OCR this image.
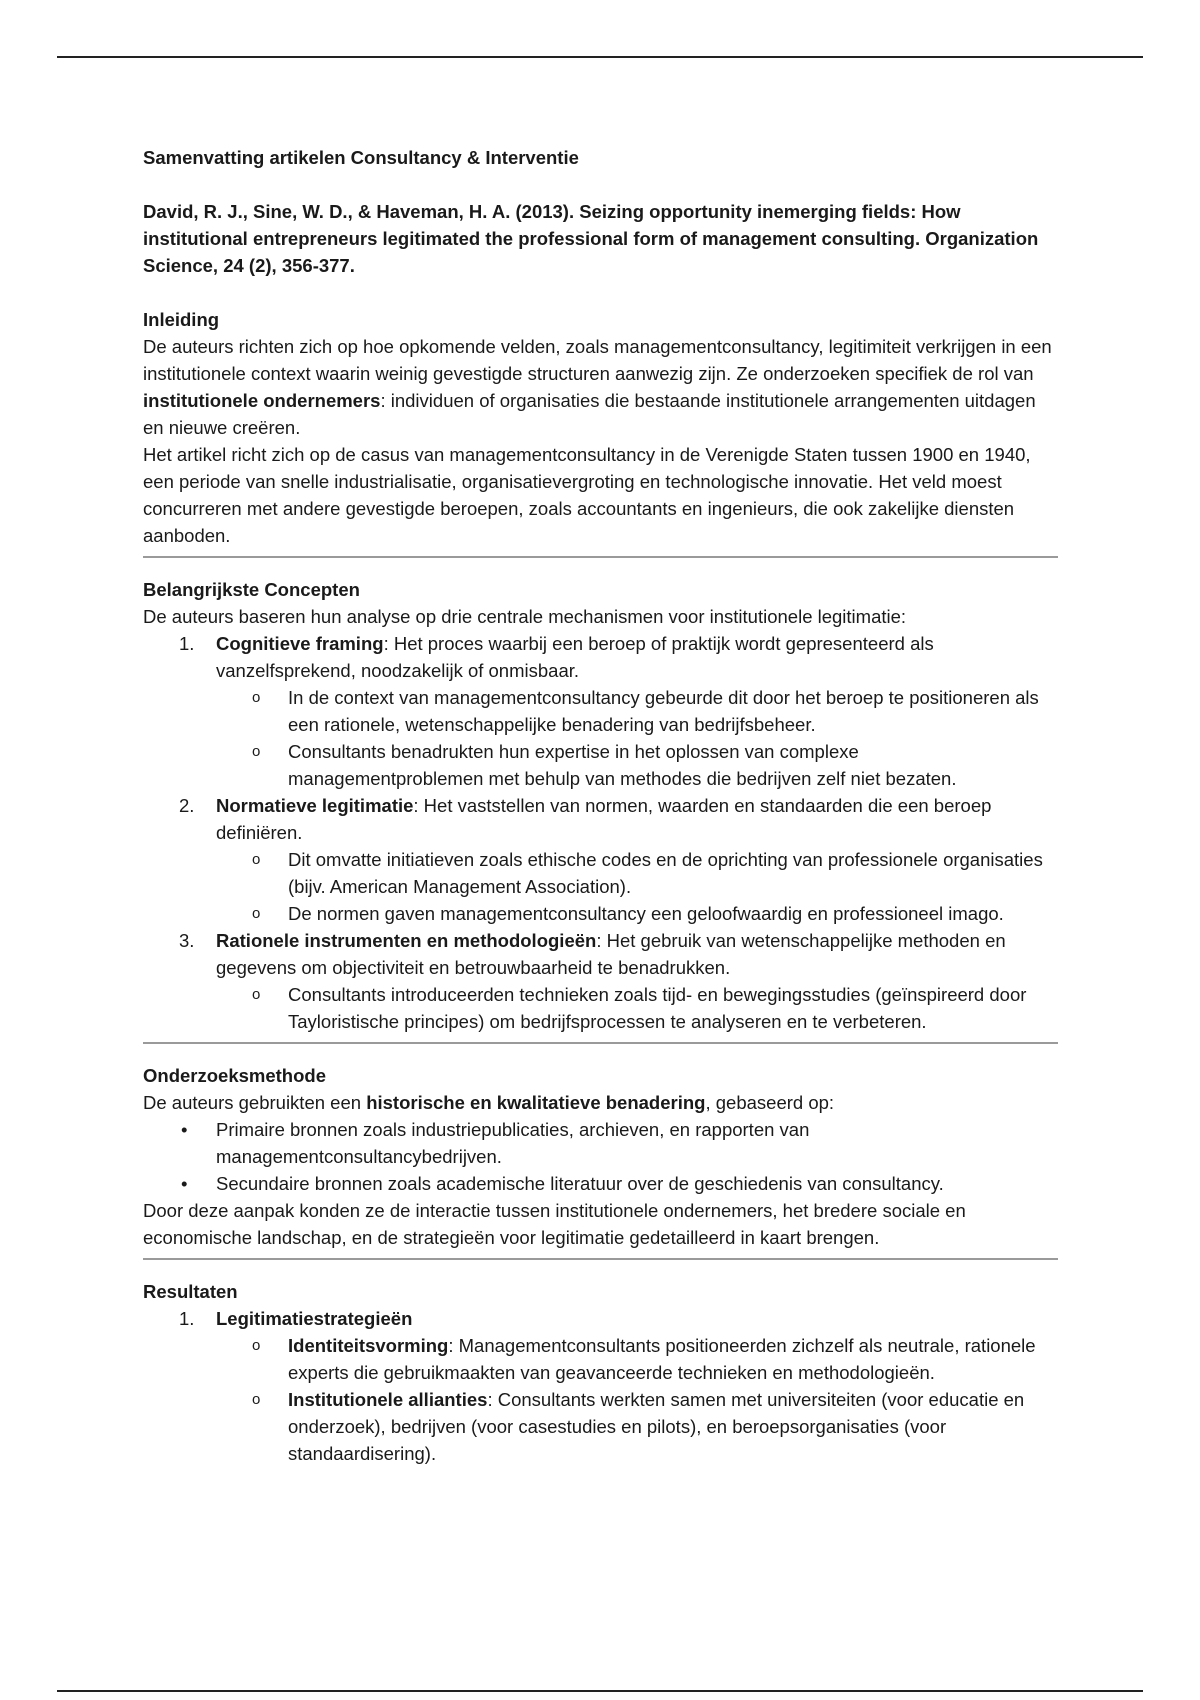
Samenvatting artikelen Consultancy & Interventie

David, R. J., Sine, W. D., & Haveman, H. A. (2013). Seizing opportunity inemerging fields: How institutional entrepreneurs legitimated the professional form of management consulting. Organization Science, 24 (2), 356-377.

Inleiding

De auteurs richten zich op hoe opkomende velden, zoals managementconsultancy, legitimiteit verkrijgen in een institutionele context waarin weinig gevestigde structuren aanwezig zijn. Ze onderzoeken specifiek de rol van institutionele ondernemers: individuen of organisaties die bestaande institutionele arrangementen uitdagen en nieuwe creëren.

Het artikel richt zich op de casus van managementconsultancy in de Verenigde Staten tussen 1900 en 1940, een periode van snelle industrialisatie, organisatievergroting en technologische innovatie. Het veld moest concurreren met andere gevestigde beroepen, zoals accountants en ingenieurs, die ook zakelijke diensten aanboden.

Belangrijkste Concepten

De auteurs baseren hun analyse op drie centrale mechanismen voor institutionele legitimatie:

1. Cognitieve framing: Het proces waarbij een beroep of praktijk wordt gepresenteerd als vanzelfsprekend, noodzakelijk of onmisbaar.
o In de context van managementconsultancy gebeurde dit door het beroep te positioneren als een rationele, wetenschappelijke benadering van bedrijfsbeheer.
o Consultants benadrukten hun expertise in het oplossen van complexe managementproblemen met behulp van methodes die bedrijven zelf niet bezaten.
2. Normatieve legitimatie: Het vaststellen van normen, waarden en standaarden die een beroep definiëren.
o Dit omvatte initiatieven zoals ethische codes en de oprichting van professionele organisaties (bijv. American Management Association).
o De normen gaven managementconsultancy een geloofwaardig en professioneel imago.
3. Rationele instrumenten en methodologieën: Het gebruik van wetenschappelijke methoden en gegevens om objectiviteit en betrouwbaarheid te benadrukken.
o Consultants introduceerden technieken zoals tijd- en bewegingsstudies (geïnspireerd door Tayloristische principes) om bedrijfsprocessen te analyseren en te verbeteren.

Onderzoeksmethode

De auteurs gebruikten een historische en kwalitatieve benadering, gebaseerd op:

• Primaire bronnen zoals industriepublicaties, archieven, en rapporten van managementconsultancybedrijven.
• Secundaire bronnen zoals academische literatuur over de geschiedenis van consultancy.

Door deze aanpak konden ze de interactie tussen institutionele ondernemers, het bredere sociale en economische landschap, en de strategieën voor legitimatie gedetailleerd in kaart brengen.

Resultaten

1. Legitimatiestrategieën
o Identiteitsvorming: Managementconsultants positioneerden zichzelf als neutrale, rationele experts die gebruikmaakten van geavanceerde technieken en methodologieën.
o Institutionele allianties: Consultants werkten samen met universiteiten (voor educatie en onderzoek), bedrijven (voor casestudies en pilots), en beroepsorganisaties (voor standaardisering).
